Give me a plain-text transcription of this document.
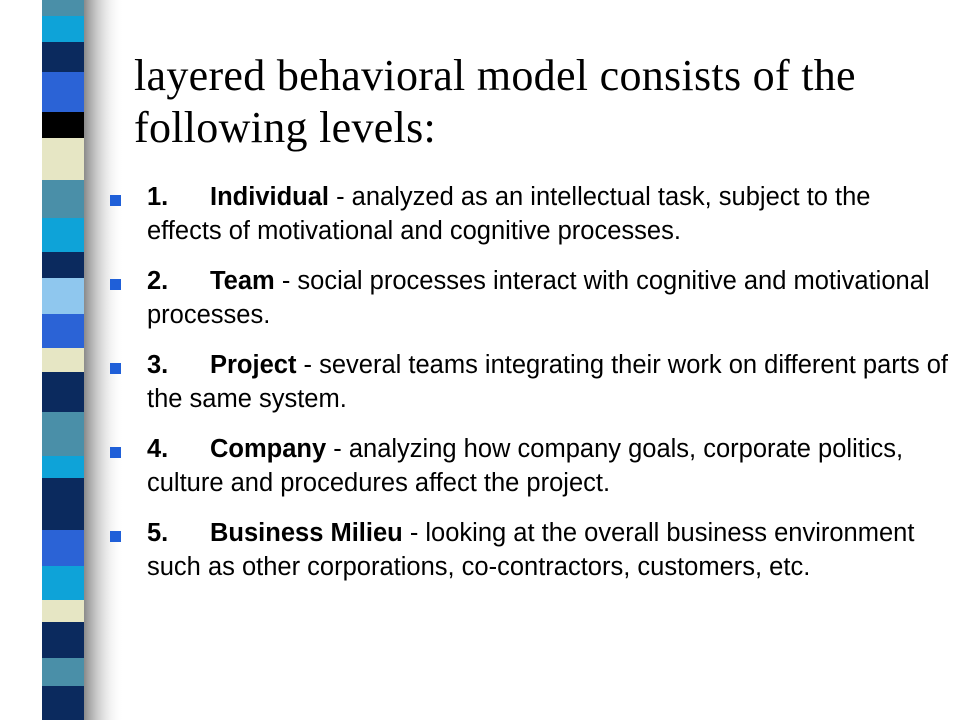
layered behavioral model consists of the following levels:
1. Individual - analyzed as an intellectual task, subject to the effects of motivational and cognitive processes.
2. Team - social processes interact with cognitive and motivational processes.
3. Project - several teams integrating their work on different parts of the same system.
4. Company - analyzing how company goals, corporate politics, culture and procedures affect the project.
5. Business Milieu - looking at the overall business environment such as other corporations, co-contractors, customers, etc.
